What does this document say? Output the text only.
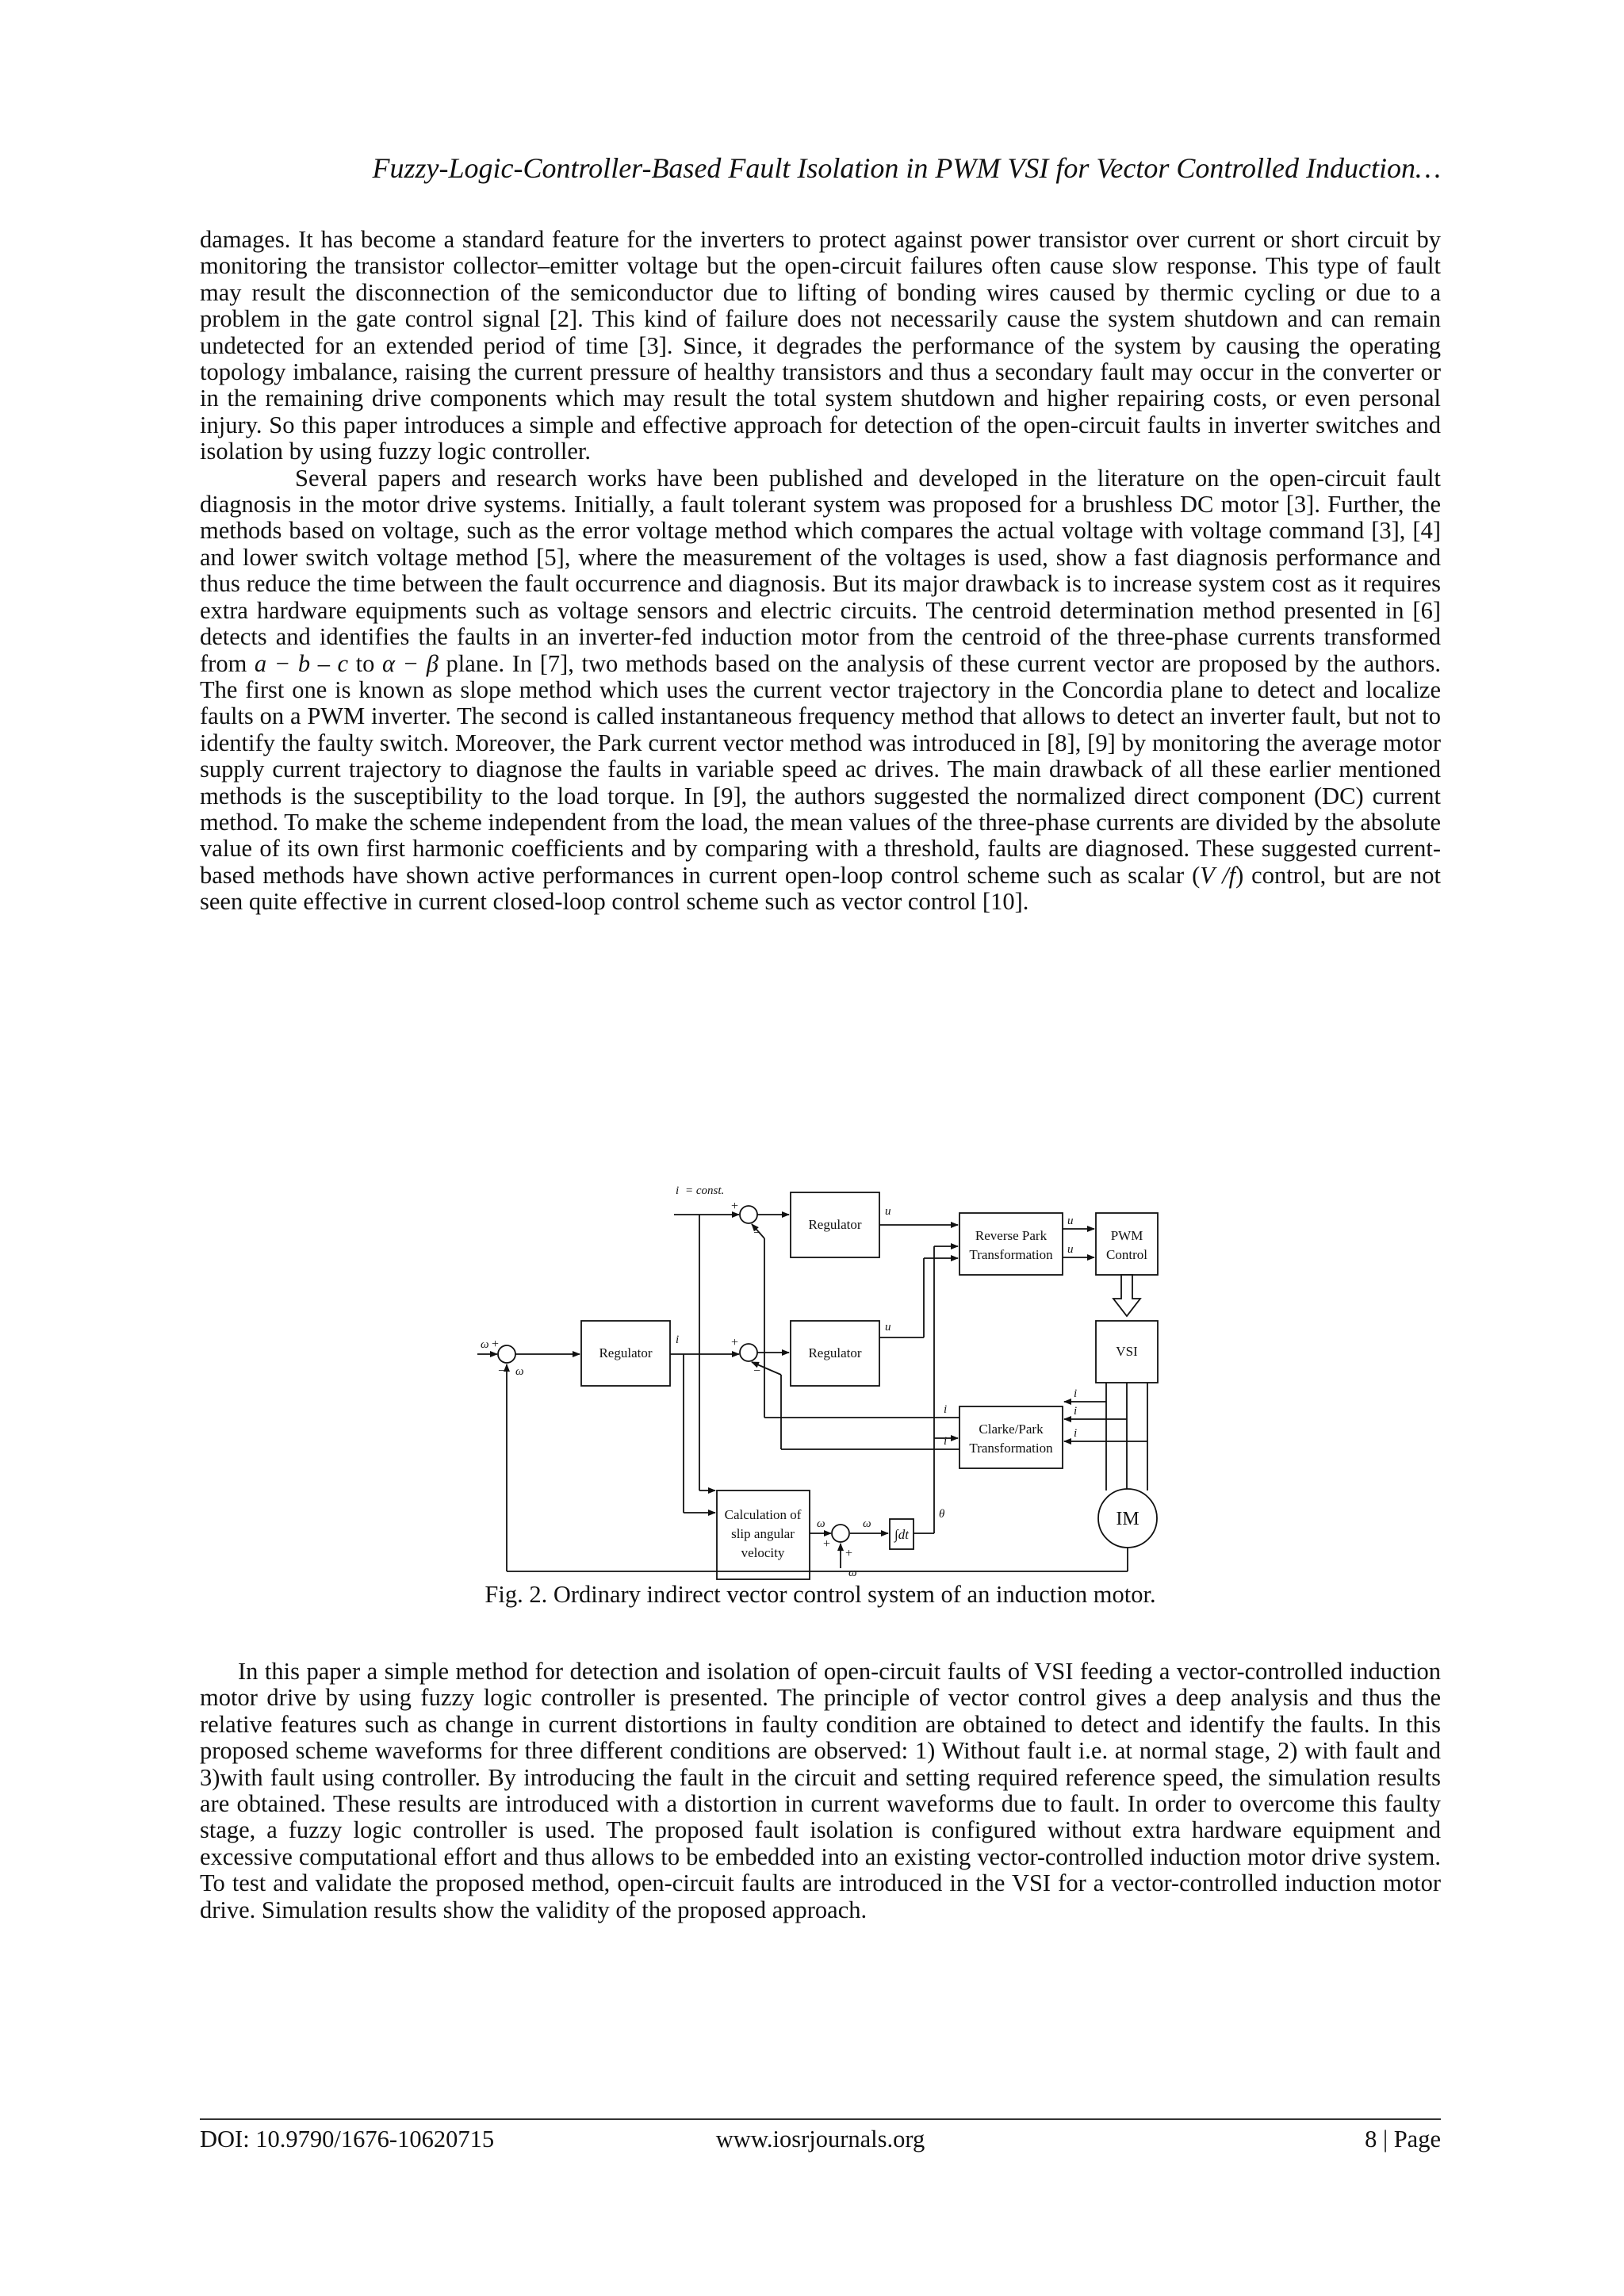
Fuzzy-Logic-Controller-Based Fault Isolation in PWM VSI for Vector Controlled Induction…

damages. It has become a standard feature for the inverters to protect against power transistor over current or short circuit by monitoring the transistor collector–emitter voltage but the open-circuit failures often cause slow response. This type of fault may result the disconnection of the semiconductor due to lifting of bonding wires caused by thermic cycling or due to a problem in the gate control signal [2]. This kind of failure does not necessarily cause the system shutdown and can remain undetected for an extended period of time [3]. Since, it degrades the performance of the system by causing the operating topology imbalance, raising the current pressure of healthy transistors and thus a secondary fault may occur in the converter or in the remaining drive components which may result the total system shutdown and higher repairing costs, or even personal injury. So this paper introduces a simple and effective approach for detection of the open-circuit faults in inverter switches and isolation by using fuzzy logic controller.

Several papers and research works have been published and developed in the literature on the open-circuit fault diagnosis in the motor drive systems. Initially, a fault tolerant system was proposed for a brushless DC motor [3]. Further, the methods based on voltage, such as the error voltage method which compares the actual voltage with voltage command [3], [4] and lower switch voltage method [5], where the measurement of the voltages is used, show a fast diagnosis performance and thus reduce the time between the fault occurrence and diagnosis. But its major drawback is to increase system cost as it requires extra hardware equipments such as voltage sensors and electric circuits. The centroid determination method presented in [6] detects and identifies the faults in an inverter-fed induction motor from the centroid of the three-phase currents transformed from a − b – c to α − β plane. In [7], two methods based on the analysis of these current vector are proposed by the authors. The first one is known as slope method which uses the current vector trajectory in the Concordia plane to detect and localize faults on a PWM inverter. The second is called instantaneous frequency method that allows to detect an inverter fault, but not to identify the faulty switch. Moreover, the Park current vector method was introduced in [8], [9] by monitoring the average motor supply current trajectory to diagnose the faults in variable speed ac drives. The main drawback of all these earlier mentioned methods is the susceptibility to the load torque. In [9], the authors suggested the normalized direct component (DC) current method. To make the scheme independent from the load, the mean values of the three-phase currents are divided by the absolute value of its own first harmonic coefficients and by comparing with a threshold, faults are diagnosed. These suggested current-based methods have shown active performances in current open-loop control scheme such as scalar (V /f) control, but are not seen quite effective in current closed-loop control scheme such as vector control [10].

Regulator
Regulator
Regulator
Reverse Park
Transformation
PWM
Control
VSI
Clarke/Park
Transformation
Calculation of
slip angular
velocity
∫dt
IM
i = const.
u
u
u
u
ω
ω
i
ω	ω
ω
θ
i
i
i
i
i
+
−
+
−
+
−
+
+
Fig. 2. Ordinary indirect vector control system of an induction motor.

In this paper a simple method for detection and isolation of open-circuit faults of VSI feeding a vector-controlled induction motor drive by using fuzzy logic controller is presented. The principle of vector control gives a deep analysis and thus the relative features such as change in current distortions in faulty condition are obtained to detect and identify the faults. In this proposed scheme waveforms for three different conditions are observed: 1) Without fault i.e. at normal stage, 2) with fault and 3)with fault using controller. By introducing the fault in the circuit and setting required reference speed, the simulation results are obtained. These results are introduced with a distortion in current waveforms due to fault. In order to overcome this faulty stage, a fuzzy logic controller is used. The proposed fault isolation is configured without extra hardware equipment and excessive computational effort and thus allows to be embedded into an existing vector-controlled induction motor drive system. To test and validate the proposed method, open-circuit faults are introduced in the VSI for a vector-controlled induction motor drive. Simulation results show the validity of the proposed approach.

DOI: 10.9790/1676-10620715	www.iosrjournals.org	8 | Page
